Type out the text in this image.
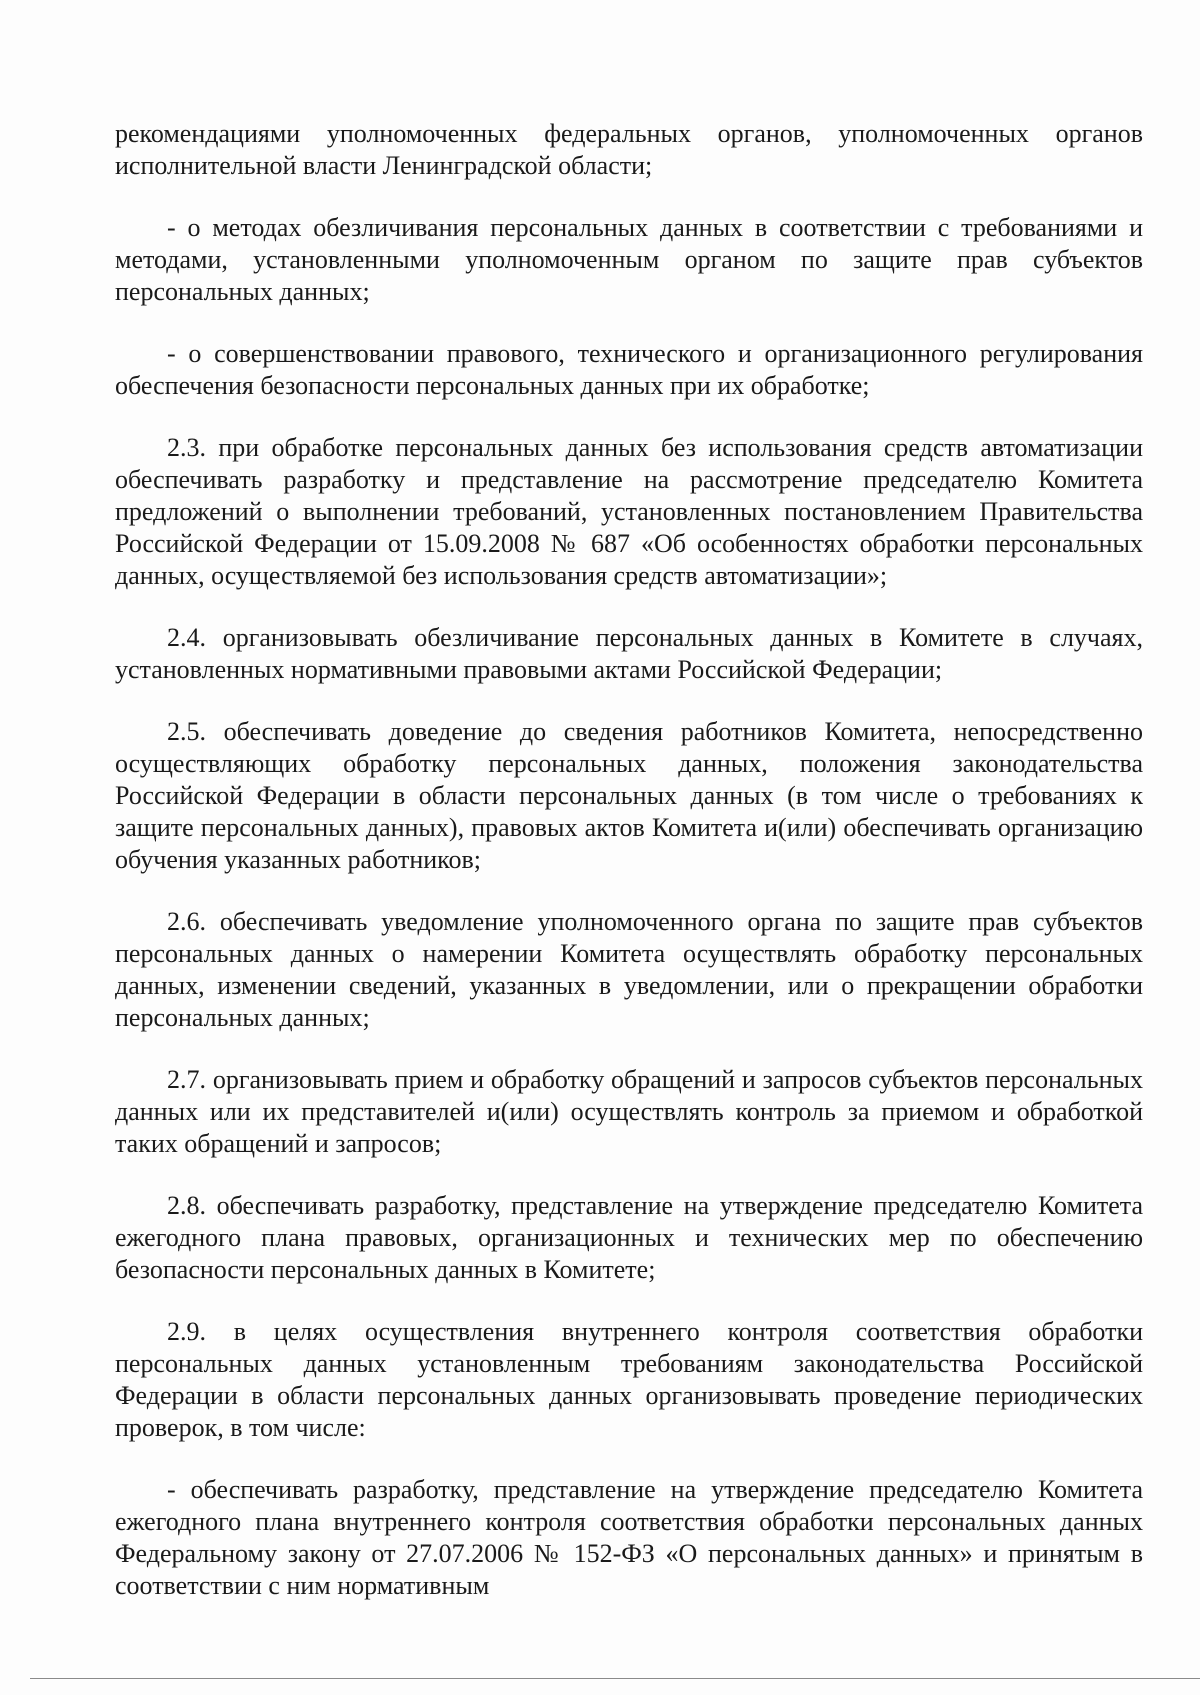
рекомендациями уполномоченных федеральных органов, уполномоченных органов исполнительной власти Ленинградской области;

- о методах обезличивания персональных данных в соответствии с требованиями и методами, установленными уполномоченным органом по защите прав субъектов персональных данных;

- о совершенствовании правового, технического и организационного регулирования обеспечения безопасности персональных данных при их обработке;

2.3. при обработке персональных данных без использования средств автоматизации обеспечивать разработку и представление на рассмотрение председателю Комитета предложений о выполнении требований, установленных постановлением Правительства Российской Федерации от 15.09.2008 № 687 «Об особенностях обработки персональных данных, осуществляемой без использования средств автоматизации»;

2.4. организовывать обезличивание персональных данных в Комитете в случаях, установленных нормативными правовыми актами Российской Федерации;

2.5. обеспечивать доведение до сведения работников Комитета, непосредственно осуществляющих обработку персональных данных, положения законодательства Российской Федерации в области персональных данных (в том числе о требованиях к защите персональных данных), правовых актов Комитета и(или) обеспечивать организацию обучения указанных работников;

2.6. обеспечивать уведомление уполномоченного органа по защите прав субъектов персональных данных о намерении Комитета осуществлять обработку персональных данных, изменении сведений, указанных в уведомлении, или о прекращении обработки персональных данных;

2.7. организовывать прием и обработку обращений и запросов субъектов персональных данных или их представителей и(или) осуществлять контроль за приемом и обработкой таких обращений и запросов;

2.8. обеспечивать разработку, представление на утверждение председателю Комитета ежегодного плана правовых, организационных и технических мер по обеспечению безопасности персональных данных в Комитете;

2.9. в целях осуществления внутреннего контроля соответствия обработки персональных данных установленным требованиям законодательства Российской Федерации в области персональных данных организовывать проведение периодических проверок, в том числе:

- обеспечивать разработку, представление на утверждение председателю Комитета ежегодного плана внутреннего контроля соответствия обработки персональных данных Федеральному закону от 27.07.2006 № 152-ФЗ «О персональных данных» и принятым в соответствии с ним нормативным
